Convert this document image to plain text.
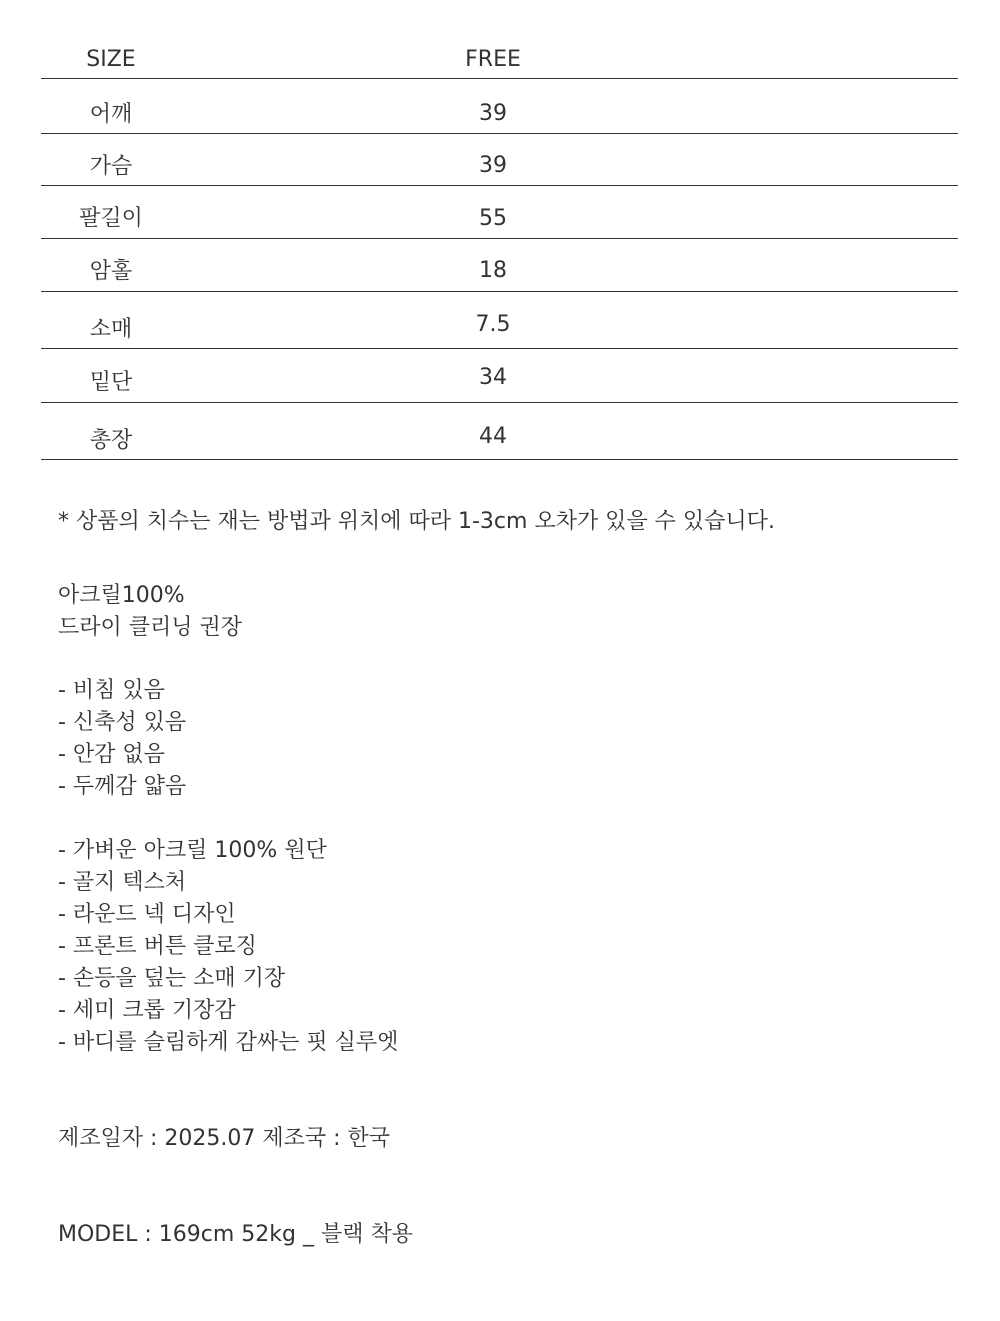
SIZE	FREE
어깨	39
가슴	39
팔길이	55
암홀	18
소매	7.5
밑단	34
총장	44
* 상품의 치수는 재는 방법과 위치에 따라 1-3cm 오차가 있을 수 있습니다.
아크릴100%
드라이 클리닝 권장
- 비침 있음
- 신축성 있음
- 안감 없음
- 두께감 얇음
- 가벼운 아크릴 100% 원단
- 골지 텍스처
- 라운드 넥 디자인
- 프론트 버튼 클로징
- 손등을 덮는 소매 기장
- 세미 크롭 기장감
- 바디를 슬림하게 감싸는 핏 실루엣
제조일자 : 2025.07 제조국 : 한국
MODEL : 169cm 52kg _ 블랙 착용
